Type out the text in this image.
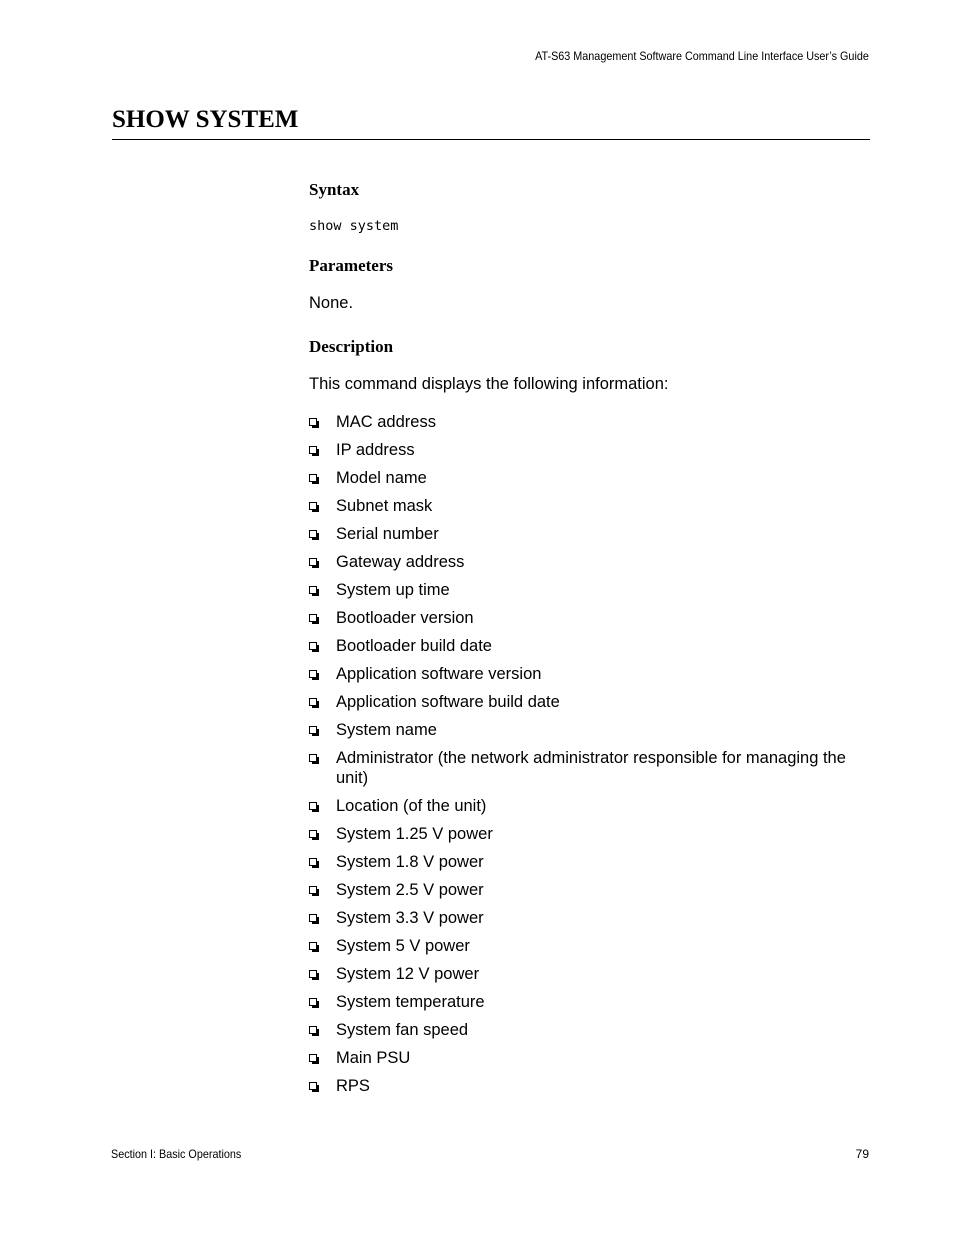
AT-S63 Management Software Command Line Interface User’s Guide
SHOW SYSTEM
Syntax
show system
Parameters
None.
Description
This command displays the following information:
MAC address
IP address
Model name
Subnet mask
Serial number
Gateway address
System up time
Bootloader version
Bootloader build date
Application software version
Application software build date
System name
Administrator (the network administrator responsible for managing the unit)
Location (of the unit)
System 1.25 V power
System 1.8 V power
System 2.5 V power
System 3.3 V power
System 5 V power
System 12 V power
System temperature
System fan speed
Main PSU
RPS
Section I: Basic Operations	79
